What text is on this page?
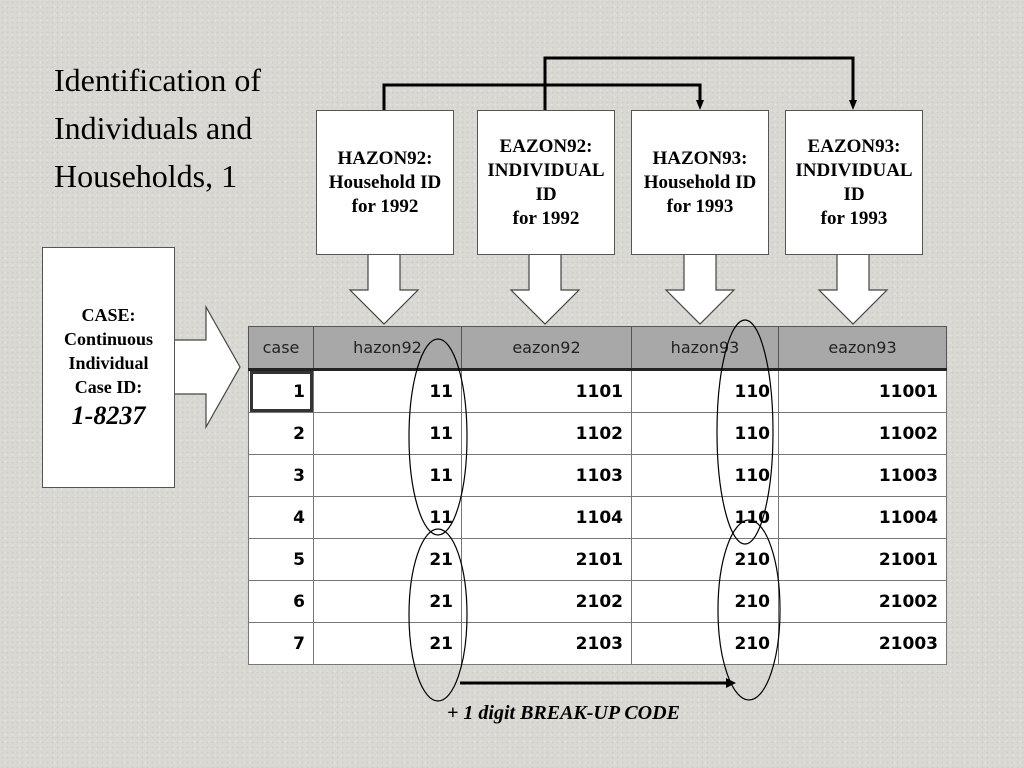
Identification of
Individuals and
Households, 1	HAZON92:
Household ID
for 1992
EAZON92:
INDIVIDUAL
ID
for 1992
HAZON93:
Household ID
for 1993
EAZON93:
INDIVIDUAL
ID
for 1993
CASE:
Continuous
Individual
Case ID:
1-8237
case	hazon92	eazon92	hazon93	eazon93
1	11	1101	110	11001
2	11	1102	110	11002
3	11	1103	110	11003
4	11	1104	110	11004
5	21	2101	210	21001
6	21	2102	210	21002
7	21	2103	210	21003
+ 1 digit BREAK-UP CODE
